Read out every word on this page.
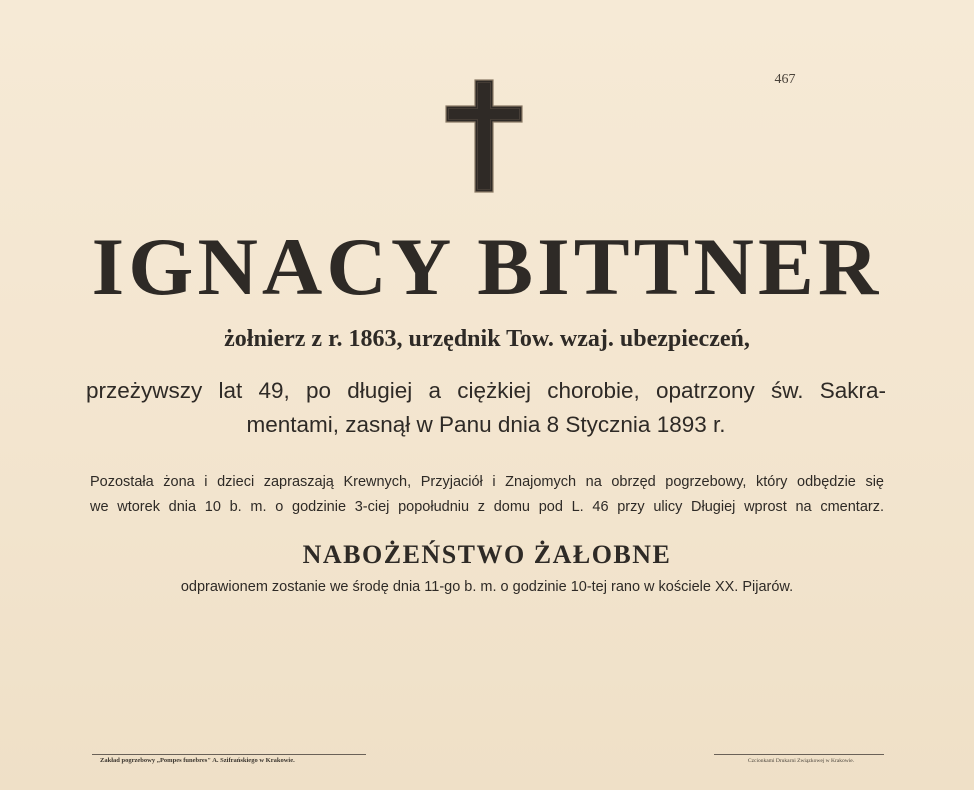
467
IGNACY BITTNER
żołnierz z r. 1863, urzędnik Tow. wzaj. ubezpieczeń,
przeżywszy lat 49, po długiej a ciężkiej chorobie, opatrzony św. Sakra-
mentami, zasnął w Panu dnia 8 Stycznia 1893 r.
Pozostała żona i dzieci zapraszają Krewnych, Przyjaciół i Znajomych na obrzęd pogrzebowy, który odbędzie się
we wtorek dnia 10 b. m. o godzinie 3-ciej popołudniu z domu pod L. 46 przy ulicy Długiej wprost na cmentarz.
NABOŻEŃSTWO ŻAŁOBNE
odprawionem zostanie we środę dnia 11-go b. m. o godzinie 10-tej rano w kościele XX. Pijarów.
Zakład pogrzebowy „Pompes funebres" A. Szifrańskiego w Krakowie.	Czcionkami Drukarni Związkowej w Krakowie.
